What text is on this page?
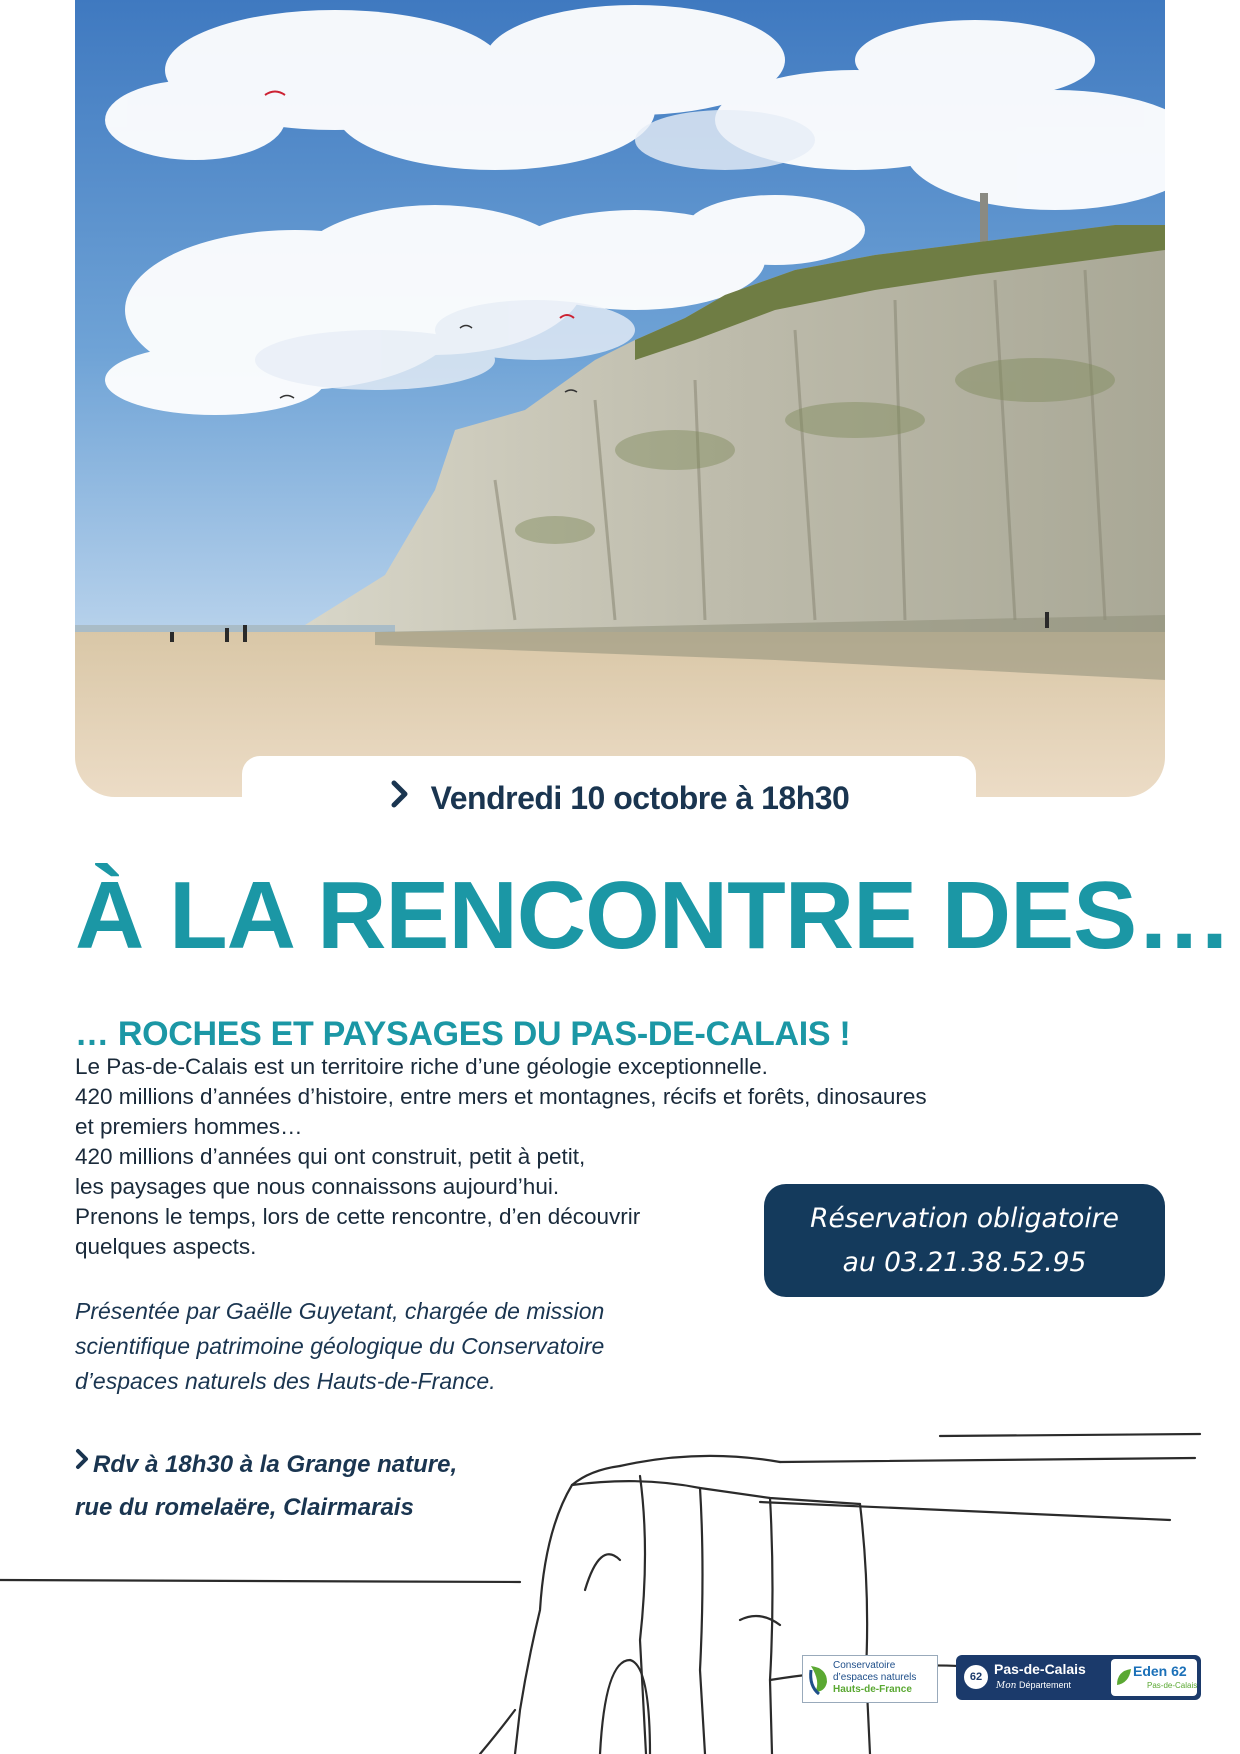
Vendredi 10 octobre à 18h30
À LA RENCONTRE DES…
… ROCHES ET PAYSAGES DU PAS-DE-CALAIS !
Le Pas-de-Calais est un territoire riche d’une géologie exceptionnelle.
420 millions d’années d’histoire, entre mers et montagnes, récifs et forêts, dinosaures
et premiers hommes…
420 millions d’années qui ont construit, petit à petit,
les paysages que nous connaissons aujourd’hui.
Prenons le temps, lors de cette rencontre, d’en découvrir
quelques aspects.
Réservation obligatoire
au 03.21.38.52.95
Présentée par Gaëlle Guyetant, chargée de mission
scientifique patrimoine géologique du Conservatoire
d’espaces naturels des Hauts-de-France.
Rdv à 18h30 à la Grange nature,
rue du romelaëre, Clairmarais
Conservatoire
d’espaces naturels
Hauts-de-France
62 Pas-de-Calais
Mon Département
Eden 62
Pas-de-Calais
